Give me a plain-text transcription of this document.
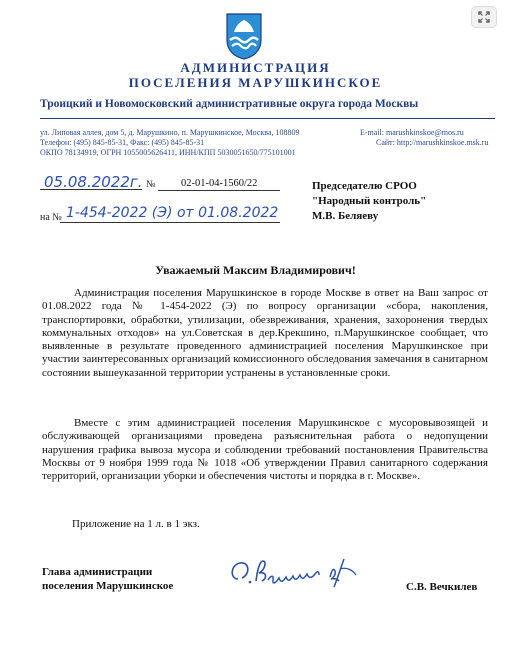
АДМИНИСТРАЦИЯ
ПОСЕЛЕНИЯ МАРУШКИНСКОЕ
Троицкий и Новомосковский административные округа города Москвы
ул. Липовая аллея, дом 5, д. Марушкино, п. Марушкинское, Москва, 108809
Телефон: (495) 845-85-31, Факс: (495) 845-85-31
ОКПО 78134919, ОГРН 1055005626411, ИНН/КПП 5030051650/775101001
E-mail: marushkinskoe@mos.ru
Сайт: http://marushkinskoe.msk.ru
05.08.2022г. № 02-01-04-1560/22
на № 1-454-2022 (Э) от 01.08.2022
Председателю СРОО
"Народный контроль"
М.В. Беляеву
Уважаемый Максим Владимирович!
Администрация поселения Марушкинское в городе Москве в ответ на Ваш запрос от 01.08.2022 года № 1-454-2022 (Э) по вопросу организации «сбора, накопления, транспортировки, обработки, утилизации, обезвреживания, хранения, захоронения твердых коммунальных отходов» на ул.Советская в дер.Крекшино, п.Марушкинское сообщает, что выявленные в результате проведенного администрацией поселения Марушкинское при участии заинтересованных организаций комиссионного обследования замечания в санитарном состоянии вышеуказанной территории устранены в установленные сроки.
Вместе с этим администрацией поселения Марушкинское с мусоровывозящей и обслуживающей организациями проведена разъяснительная работа о недопущении нарушения графика вывоза мусора и соблюдении требований постановления Правительства Москвы от 9 ноября 1999 года № 1018 «Об утверждении Правил санитарного содержания территорий, организации уборки и обеспечения чистоты и порядка в г. Москве».
Приложение на 1 л. в 1 экз.
Глава администрации
поселения Марушкинское	С.В. Вечкилев
